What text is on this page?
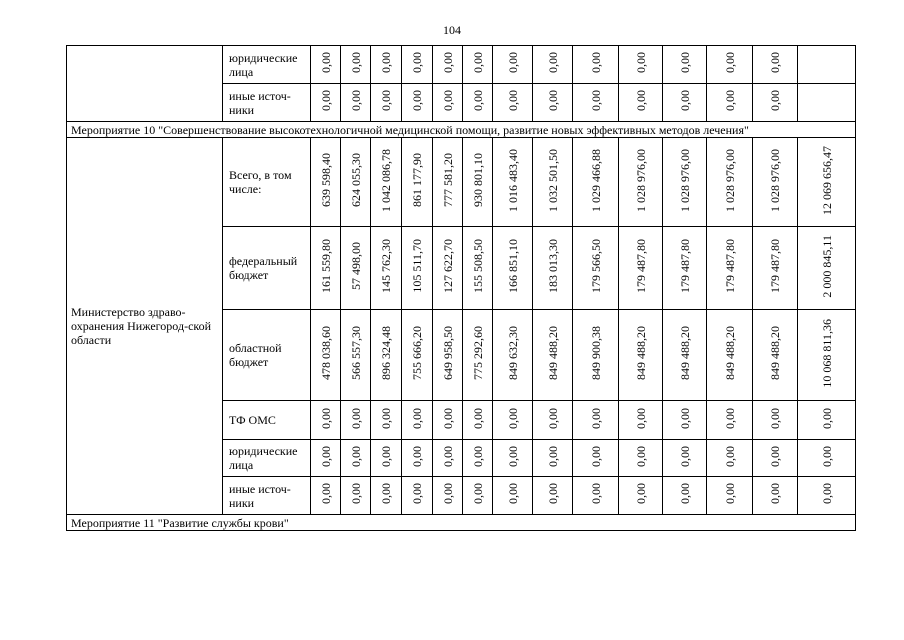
104
	юридические лица	0,00	0,00	0,00	0,00	0,00	0,00	0,00	0,00	0,00	0,00	0,00	0,00	0,00	
	иные источ-ники	0,00	0,00	0,00	0,00	0,00	0,00	0,00	0,00	0,00	0,00	0,00	0,00	0,00	
Мероприятие 10 "Совершенствование высокотехнологичной медицинской помощи, развитие новых эффективных методов лечения"															
Министерство здраво-охранения Нижегород-ской области	Всего, в том числе:	639 598,40	624 055,30	1 042 086,78	861 177,90	777 581,20	930 801,10	1 016 483,40	1 032 501,50	1 029 466,88	1 028 976,00	1 028 976,00	1 028 976,00	1 028 976,00	12 069 656,47
	федеральный бюджет	161 559,80	57 498,00	145 762,30	105 511,70	127 622,70	155 508,50	166 851,10	183 013,30	179 566,50	179 487,80	179 487,80	179 487,80	179 487,80	2 000 845,11
	областной бюджет	478 038,60	566 557,30	896 324,48	755 666,20	649 958,50	775 292,60	849 632,30	849 488,20	849 900,38	849 488,20	849 488,20	849 488,20	849 488,20	10 068 811,36
	ТФ ОМС	0,00	0,00	0,00	0,00	0,00	0,00	0,00	0,00	0,00	0,00	0,00	0,00	0,00	0,00
	юридические лица	0,00	0,00	0,00	0,00	0,00	0,00	0,00	0,00	0,00	0,00	0,00	0,00	0,00	0,00
	иные источ-ники	0,00	0,00	0,00	0,00	0,00	0,00	0,00	0,00	0,00	0,00	0,00	0,00	0,00	0,00
Мероприятие 11 "Развитие службы крови"															
